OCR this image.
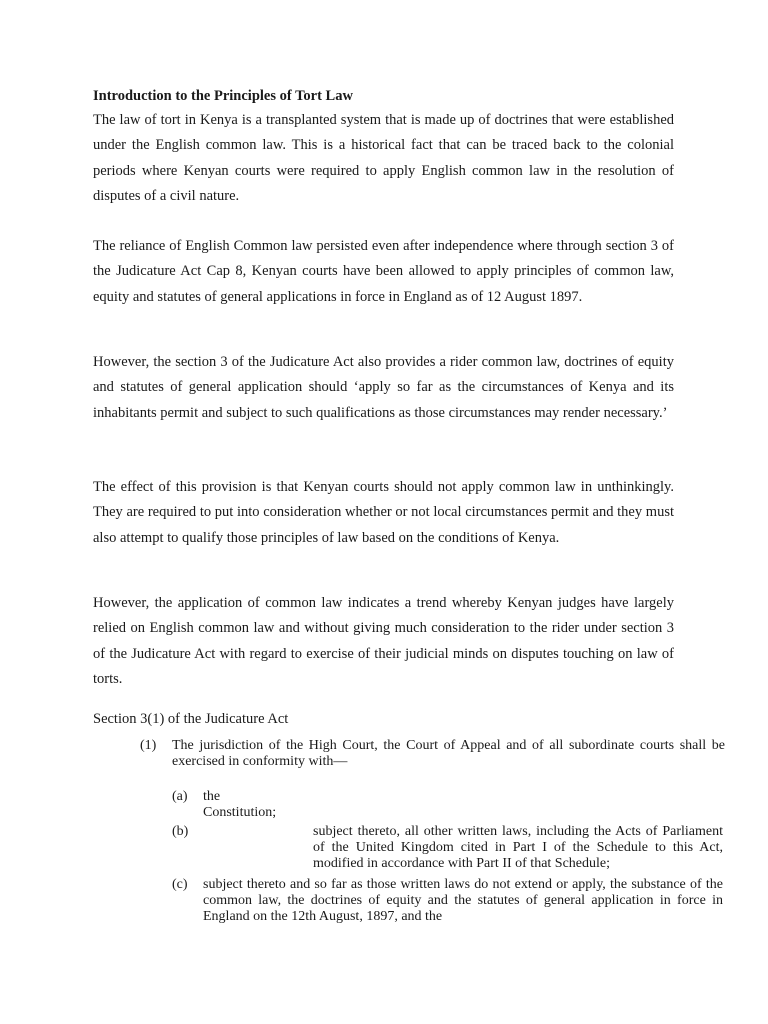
Introduction to the Principles of Tort Law

The law of tort in Kenya is a transplanted system that is made up of doctrines that were established under the English common law. This is a historical fact that can be traced back to the colonial periods where Kenyan courts were required to apply English common law in the resolution of disputes of a civil nature.

The reliance of English Common law persisted even after independence where through section 3 of the Judicature Act Cap 8, Kenyan courts have been allowed to apply principles of common law, equity and statutes of general applications in force in England as of 12 August 1897.

However, the section 3 of the Judicature Act also provides a rider common law, doctrines of equity and statutes of general application should ‘apply so far as the circumstances of Kenya and its inhabitants permit and subject to such qualifications as those circumstances may render necessary.’

The effect of this provision is that Kenyan courts should not apply common law in unthinkingly. They are required to put into consideration whether or not local circumstances permit and they must also attempt to qualify those principles of law based on the conditions of Kenya.

However, the application of common law indicates a trend whereby Kenyan judges have largely relied on English common law and without giving much consideration to the rider under section 3 of the Judicature Act with regard to exercise of their judicial minds on disputes touching on law of torts.

Section 3(1) of the Judicature Act

(1) The jurisdiction of the High Court, the Court of Appeal and of all subordinate courts shall be exercised in conformity with—

(a) the

Constitution;

(b)	subject thereto, all other written laws, including the Acts of Parliament of the United Kingdom cited in Part I of the Schedule to this Act, modified in accordance with Part II of that Schedule;

(c) subject thereto and so far as those written laws do not extend or apply, the substance of the common law, the doctrines of equity and the statutes of general application in force in England on the 12th August, 1897, and the
